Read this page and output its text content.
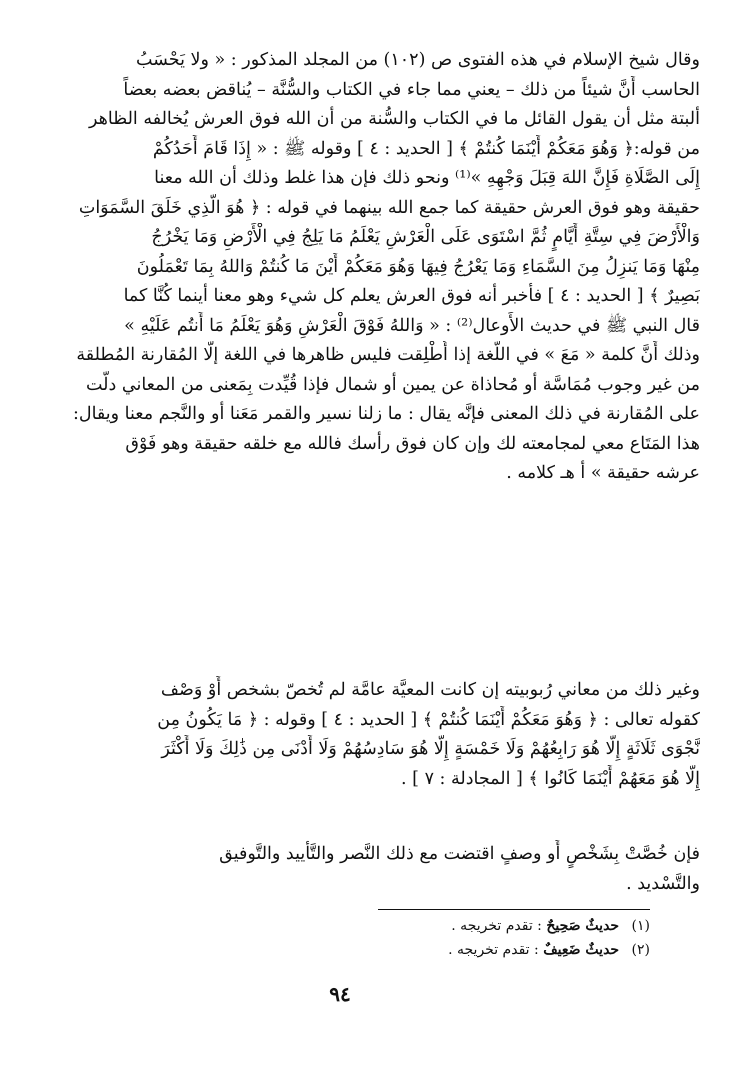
وقال شيخ الإسلام في هذه الفتوى ص (١٠٢) من المجلد المذكور : « ولا يَحْسَبُ
الحاسب أَنَّ شيئاً من ذلك – يعني مما جاء في الكتاب والسُّنَّة – يُناقض بعضه بعضاً
ألبتة مثل أن يقول القائل ما في الكتاب والسُّنة من أن الله فوق العرش يُخالفه الظاهر
من قوله:﴿ وَهُوَ مَعَكُمْ أَيْنَمَا كُنتُمْ ﴾ [ الحديد : ٤ ] وقوله ﷺ : « إِذَا قَامَ أَحَدُكُمْ
إِلَى الصَّلَاةِ فَإِنَّ اللهَ قِبَلَ وَجْهِهِ »⁽¹⁾ ونحو ذلك فإن هذا غلط وذلك أن الله معنا
حقيقة وهو فوق العرش حقيقة كما جمع الله بينهما في قوله : ﴿ هُوَ الَّذِي خَلَقَ السَّمَوَاتِ
وَالْأَرْضَ فِي سِتَّةِ أَيَّامٍ ثُمَّ اسْتَوَى عَلَى الْعَرْشِ يَعْلَمُ مَا يَلِجُ فِي الْأَرْضِ وَمَا يَخْرُجُ
مِنْهَا وَمَا يَنزِلُ مِنَ السَّمَاءِ وَمَا يَعْرُجُ فِيهَا وَهُوَ مَعَكُمْ أَيْنَ مَا كُنتُمْ وَاللهُ بِمَا تَعْمَلُونَ
بَصِيرٌ ﴾ [ الحديد : ٤ ] فأخبر أنه فوق العرش يعلم كل شيء وهو معنا أينما كُنَّا كما
قال النبي ﷺ في حديث الأَوعال⁽²⁾ : « وَاللهُ فَوْقَ الْعَرْشِ وَهُوَ يَعْلَمُ مَا أَنتُم عَلَيْهِ »
وذلك أَنَّ كلمة « مَعَ » في اللُّغة إذا أُطْلِقت فليس ظاهرها في اللغة إلَّا المُقارنة المُطلقة
من غير وجوب مُمَاسَّة أو مُحاذاة عن يمين أو شمال فإذا قُيِّدت بِمَعنى من المعاني دلَّت
على المُقارنة في ذلك المعنى فإنَّه يقال : ما زلنا نسير والقمر مَعَنا أو والنَّجم معنا ويقال:
هذا المَتَاع معي لمجامعته لك وإن كان فوق رأسك فالله مع خلقه حقيقة وهو فَوْق
عرشه حقيقة » أ هـ كلامه .
وغير ذلك من معاني رُبوبيته إن كانت المعيَّة عامَّة لم تُخصّ بشخص أَوْ وَصْف
كقوله تعالى : ﴿ وَهُوَ مَعَكُمْ أَيْنَمَا كُنتُمْ ﴾ [ الحديد : ٤ ] وقوله : ﴿ مَا يَكُونُ مِن
نَّجْوَى ثَلَاثَةٍ إِلَّا هُوَ رَابِعُهُمْ وَلَا خَمْسَةٍ إِلَّا هُوَ سَادِسُهُمْ وَلَا أَدْنَى مِن ذَٰلِكَ وَلَا أَكْثَرَ
إِلَّا هُوَ مَعَهُمْ أَيْنَمَا كَانُوا ﴾ [ المجادلة : ٧ ] .
فإن خُصَّتْ بِشَخْصٍ أَو وصفٍ اقتضت مع ذلك النَّصر والتَّأييد والتَّوفيق
والتَّسْديد .
(١) حديثٌ صَحِيحٌ : تقدم تخريجه .
(٢) حديثٌ ضَعِيفٌ : تقدم تخريجه .
٩٤
